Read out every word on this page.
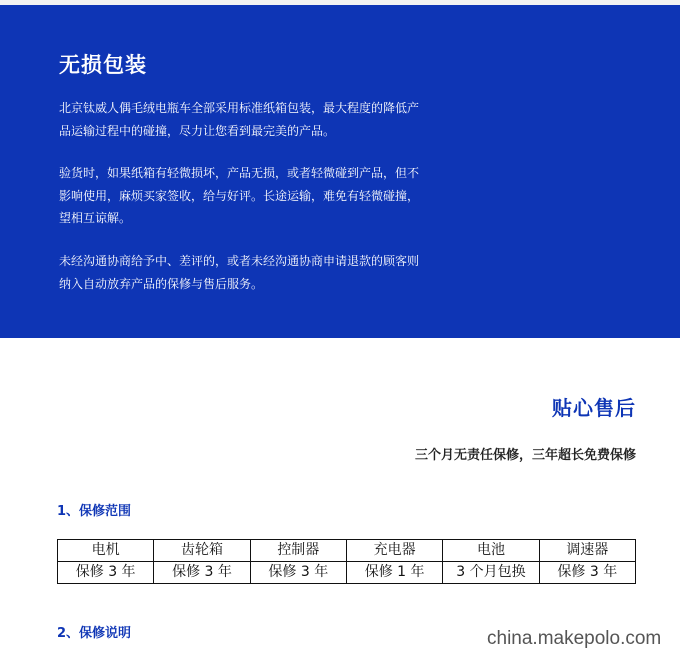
无损包装

北京钛威人偶毛绒电瓶车全部采用标准纸箱包装，最大程度的降低产品运输过程中的碰撞，尽力让您看到最完美的产品。

验货时，如果纸箱有轻微损坏，产品无损，或者轻微碰到产品，但不影响使用，麻烦买家签收，给与好评。长途运输，难免有轻微碰撞，望相互谅解。

未经沟通协商给予中、差评的，或者未经沟通协商申请退款的顾客则纳入自动放弃产品的保修与售后服务。

贴心售后
三个月无责任保修，三年超长免费保修
1、保修范围
电机	齿轮箱	控制器	充电器	电池	调速器
保修 3 年	保修 3 年	保修 3 年	保修 1 年	3 个月包换	保修 3 年
2、保修说明	china.makepolo.com
